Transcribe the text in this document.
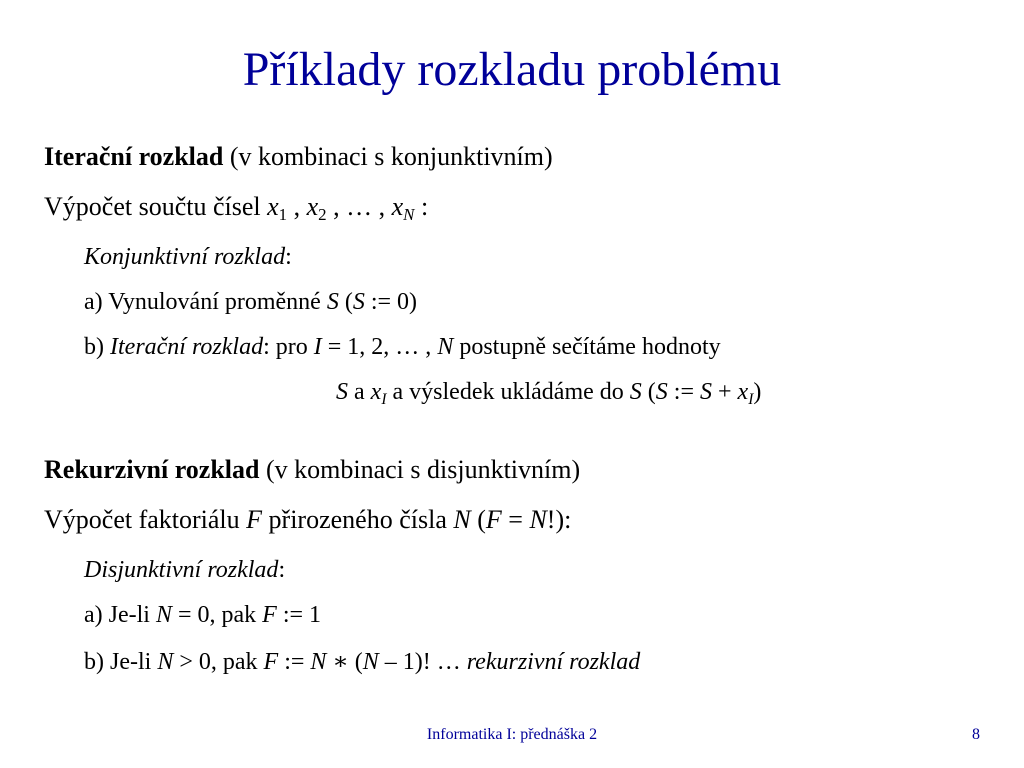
Příklady rozkladu problému
Iterační rozklad (v kombinaci s konjunktivním)
Výpočet součtu čísel $x_1$ , $x_2$ , … , $x_N$ :
Konjunktivní rozklad:
a) Vynulování proměnné S (S := 0)
b) Iterační rozklad: pro I = 1, 2, … , N postupně sečítáme hodnoty
S a $x_I$ a výsledek ukládáme do S (S := $S + x_I$)
Rekurzivní rozklad (v kombinaci s disjunktivním)
Výpočet faktoriálu F přirozeného čísla N (F = N!):
Disjunktivní rozklad:
a) Je-li N = 0, pak F := 1
b) Je-li N > 0, pak F := N ∗ (N – 1)! … rekurzivní rozklad
Informatika I: přednáška 2	8
